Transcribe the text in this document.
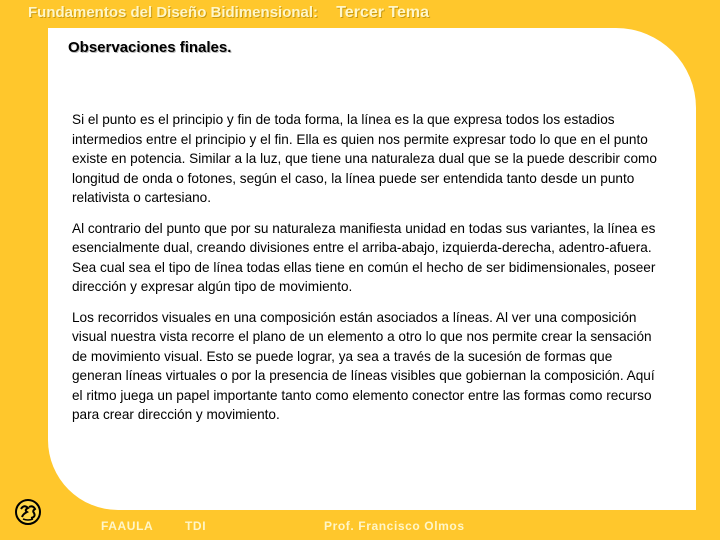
Fundamentos del Diseño Bidimensional: Tercer Tema
Observaciones finales.

Si el punto es el principio y fin de toda forma, la línea es la que expresa todos los estadios intermedios entre el principio y el fin. Ella es quien nos permite expresar todo lo que en el punto existe en potencia. Similar a la luz, que tiene una naturaleza dual que se la puede describir como longitud de onda o fotones, según el caso, la línea puede ser entendida tanto desde un punto relativista o cartesiano.

Al contrario del punto que por su naturaleza manifiesta unidad en todas sus variantes, la línea es esencialmente dual, creando divisiones entre el arriba-abajo, izquierda-derecha, adentro-afuera. Sea cual sea el tipo de línea todas ellas tiene en común el hecho de ser bidimensionales, poseer dirección y expresar algún tipo de movimiento.

Los recorridos visuales en una composición están asociados a líneas. Al ver una composición visual nuestra vista recorre el plano de un elemento a otro lo que nos permite crear la sensación de movimiento visual. Esto se puede lograr, ya sea a través de la sucesión de formas que generan líneas virtuales o por la presencia de líneas visibles que gobiernan la composición. Aquí el ritmo juega un papel importante tanto como elemento conector entre las formas como recurso para crear dirección y movimiento.

FAAULA	TDI	Prof. Francisco Olmos
